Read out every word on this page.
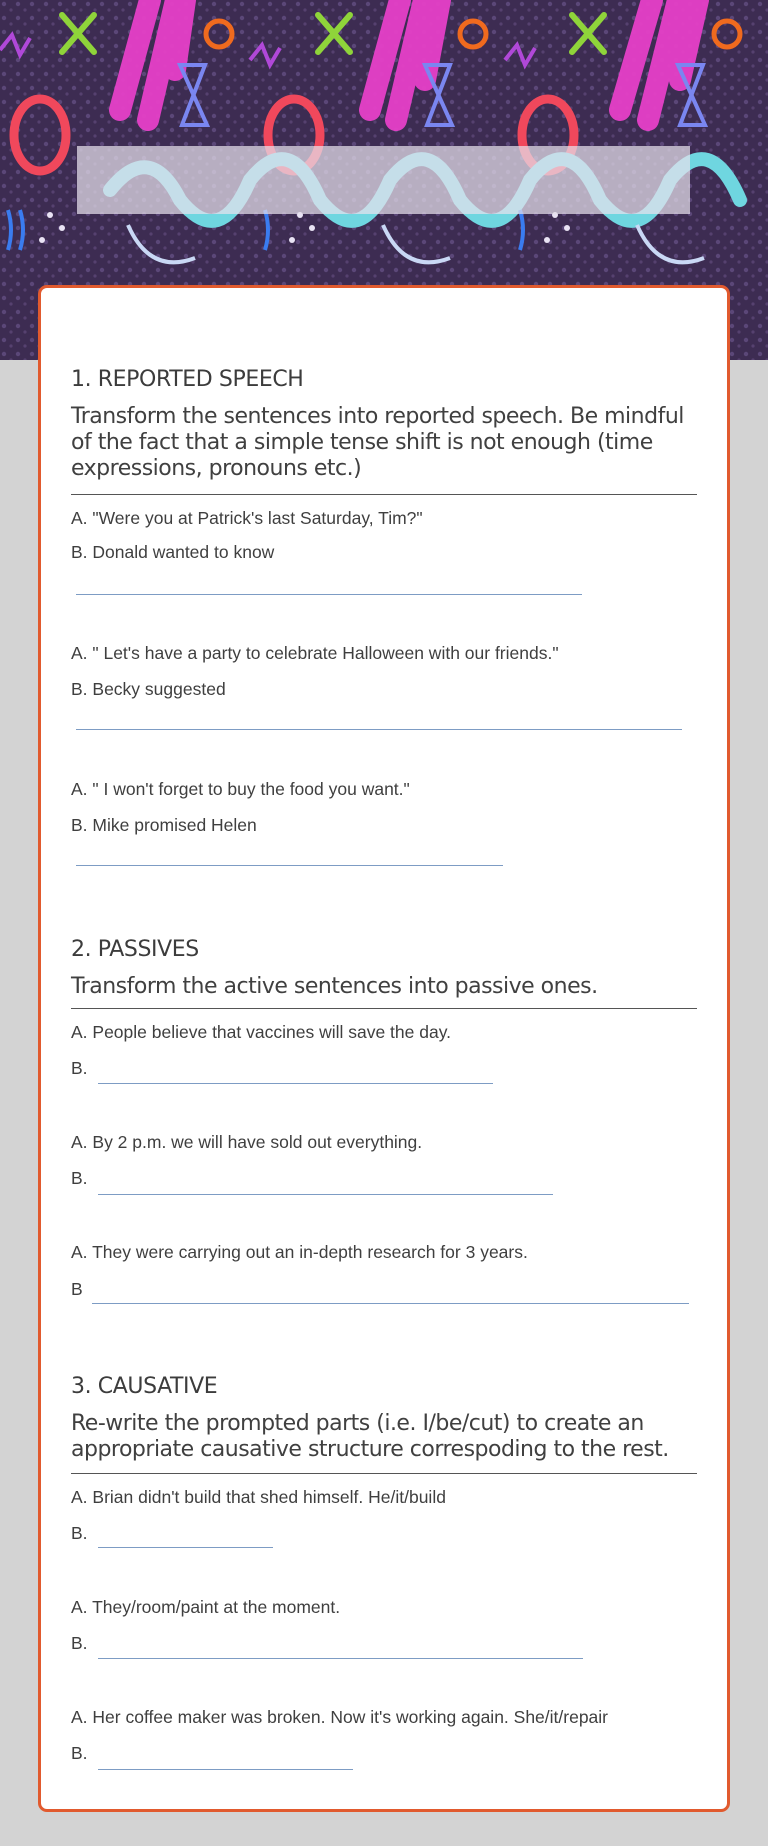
1. REPORTED SPEECH
Transform the sentences into reported speech. Be mindful of the fact that a simple tense shift is not enough (time expressions, pronouns etc.)
A. "Were you at Patrick's last Saturday, Tim?"
B. Donald wanted to know
A. " Let's have a party to celebrate Halloween with our friends."
B. Becky suggested
A. " I won't forget to buy the food you want."
B. Mike promised Helen
2. PASSIVES
Transform the active sentences into passive ones.
A. People believe that vaccines will save the day.
B.
A. By 2 p.m. we will have sold out everything.
B.
A. They were carrying out an in-depth research for 3 years.
B
3. CAUSATIVE
Re-write the prompted parts (i.e. I/be/cut) to create an appropriate causative structure correspoding to the rest.
A. Brian didn't build that shed himself. He/it/build
B.
A. They/room/paint at the moment.
B.
A. Her coffee maker was broken. Now it's working again. She/it/repair
B.
